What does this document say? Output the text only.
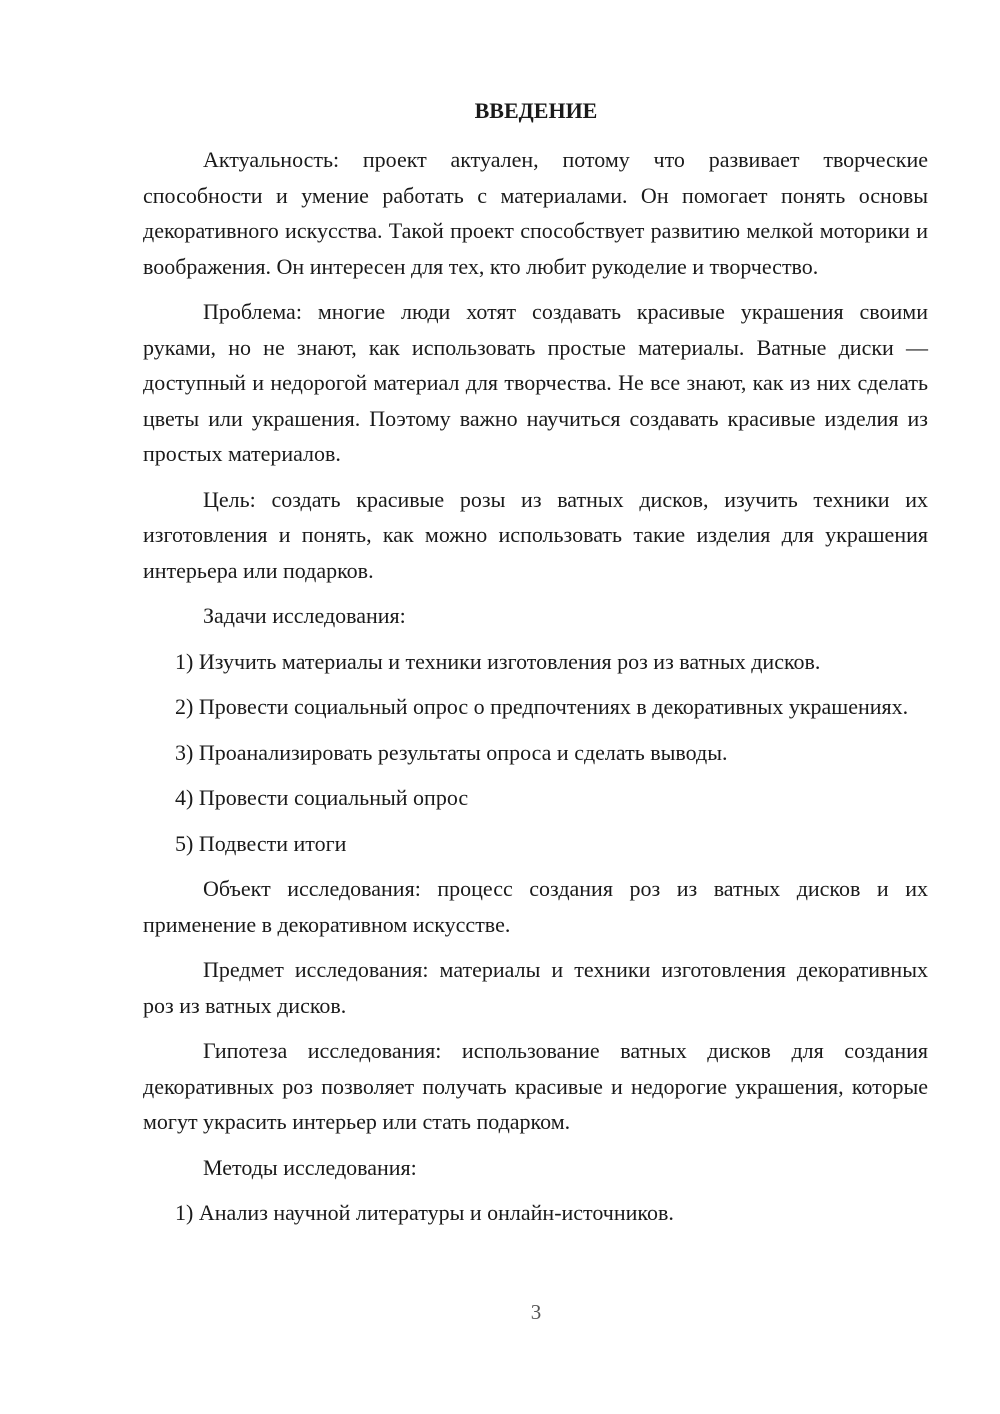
ВВЕДЕНИЕ

Актуальность: проект актуален, потому что развивает творческие способности и умение работать с материалами. Он помогает понять основы декоративного искусства. Такой проект способствует развитию мелкой моторики и воображения. Он интересен для тех, кто любит рукоделие и творчество.

Проблема: многие люди хотят создавать красивые украшения своими руками, но не знают, как использовать простые материалы. Ватные диски — доступный и недорогой материал для творчества. Не все знают, как из них сделать цветы или украшения. Поэтому важно научиться создавать красивые изделия из простых материалов.

Цель: создать красивые розы из ватных дисков, изучить техники их изготовления и понять, как можно использовать такие изделия для украшения интерьера или подарков.

Задачи исследования:

1) Изучить материалы и техники изготовления роз из ватных дисков.

2) Провести социальный опрос о предпочтениях в декоративных украшениях.

3) Проанализировать результаты опроса и сделать выводы.

4) Провести социальный опрос

5) Подвести итоги

Объект исследования: процесс создания роз из ватных дисков и их применение в декоративном искусстве.

Предмет исследования: материалы и техники изготовления декоративных роз из ватных дисков.

Гипотеза исследования: использование ватных дисков для создания декоративных роз позволяет получать красивые и недорогие украшения, которые могут украсить интерьер или стать подарком.

Методы исследования:

1) Анализ научной литературы и онлайн-источников.

3
